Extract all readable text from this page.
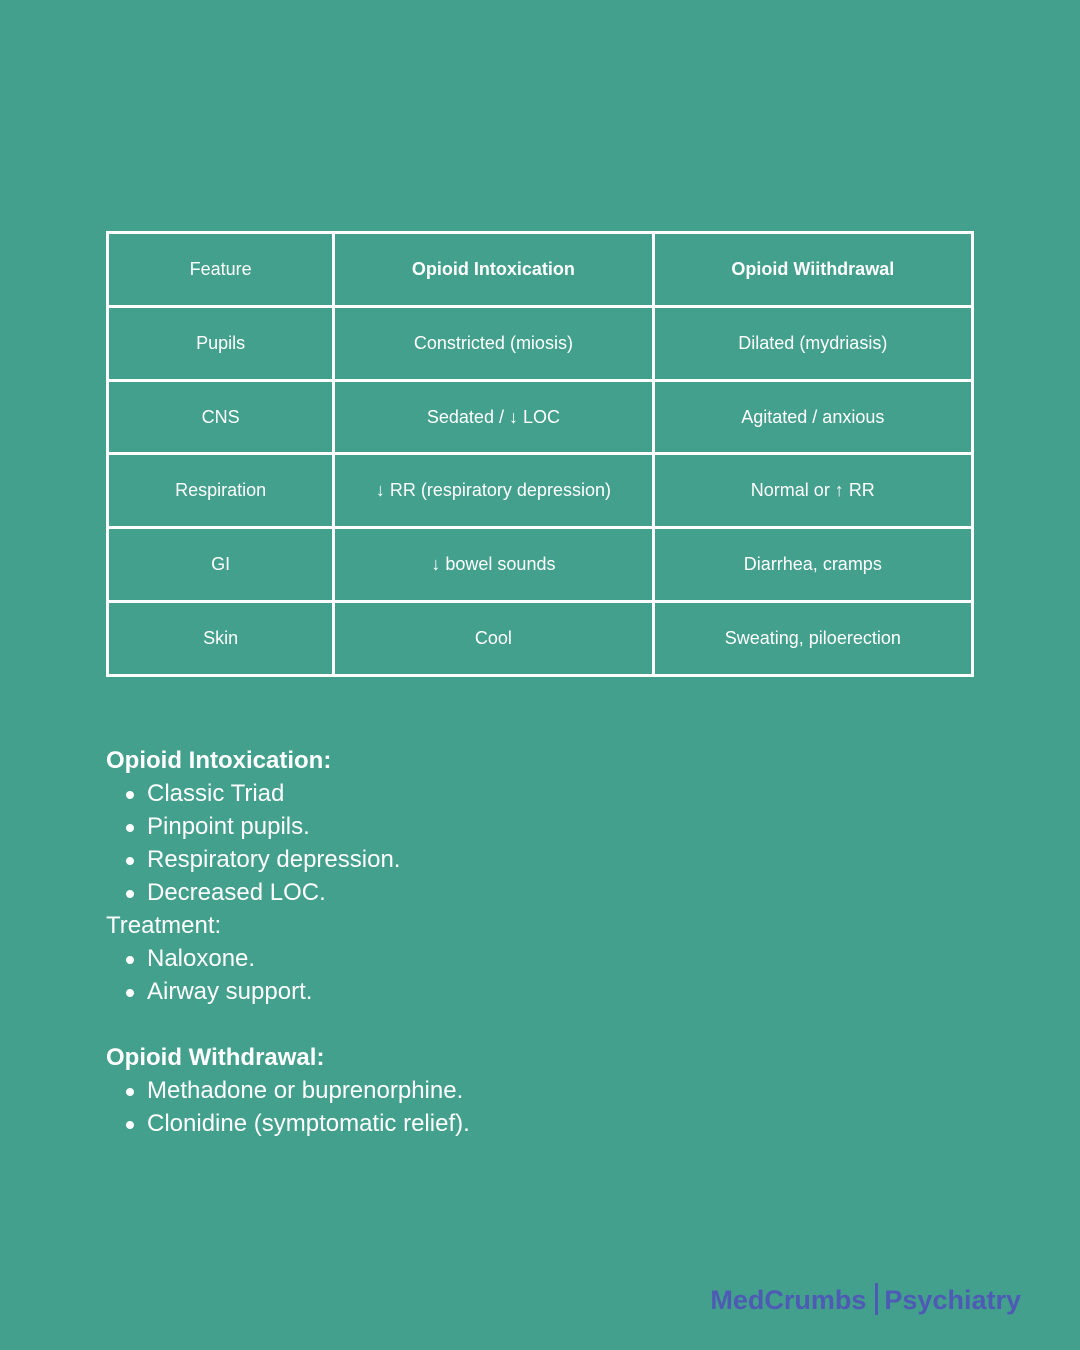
Feature	Opioid Intoxication	Opioid Wiithdrawal
Pupils	Constricted (miosis)	Dilated (mydriasis)
CNS	Sedated / ↓ LOC	Agitated / anxious
Respiration	↓ RR (respiratory depression)	Normal or ↑ RR
GI	↓ bowel sounds	Diarrhea, cramps
Skin	Cool	Sweating, piloerection
Opioid Intoxication:
Classic Triad
Pinpoint pupils.
Respiratory depression.
Decreased LOC.
Treatment:
Naloxone.
Airway support.
Opioid Withdrawal:
Methadone or buprenorphine.
Clonidine (symptomatic relief).
MedCrumbs Psychiatry
